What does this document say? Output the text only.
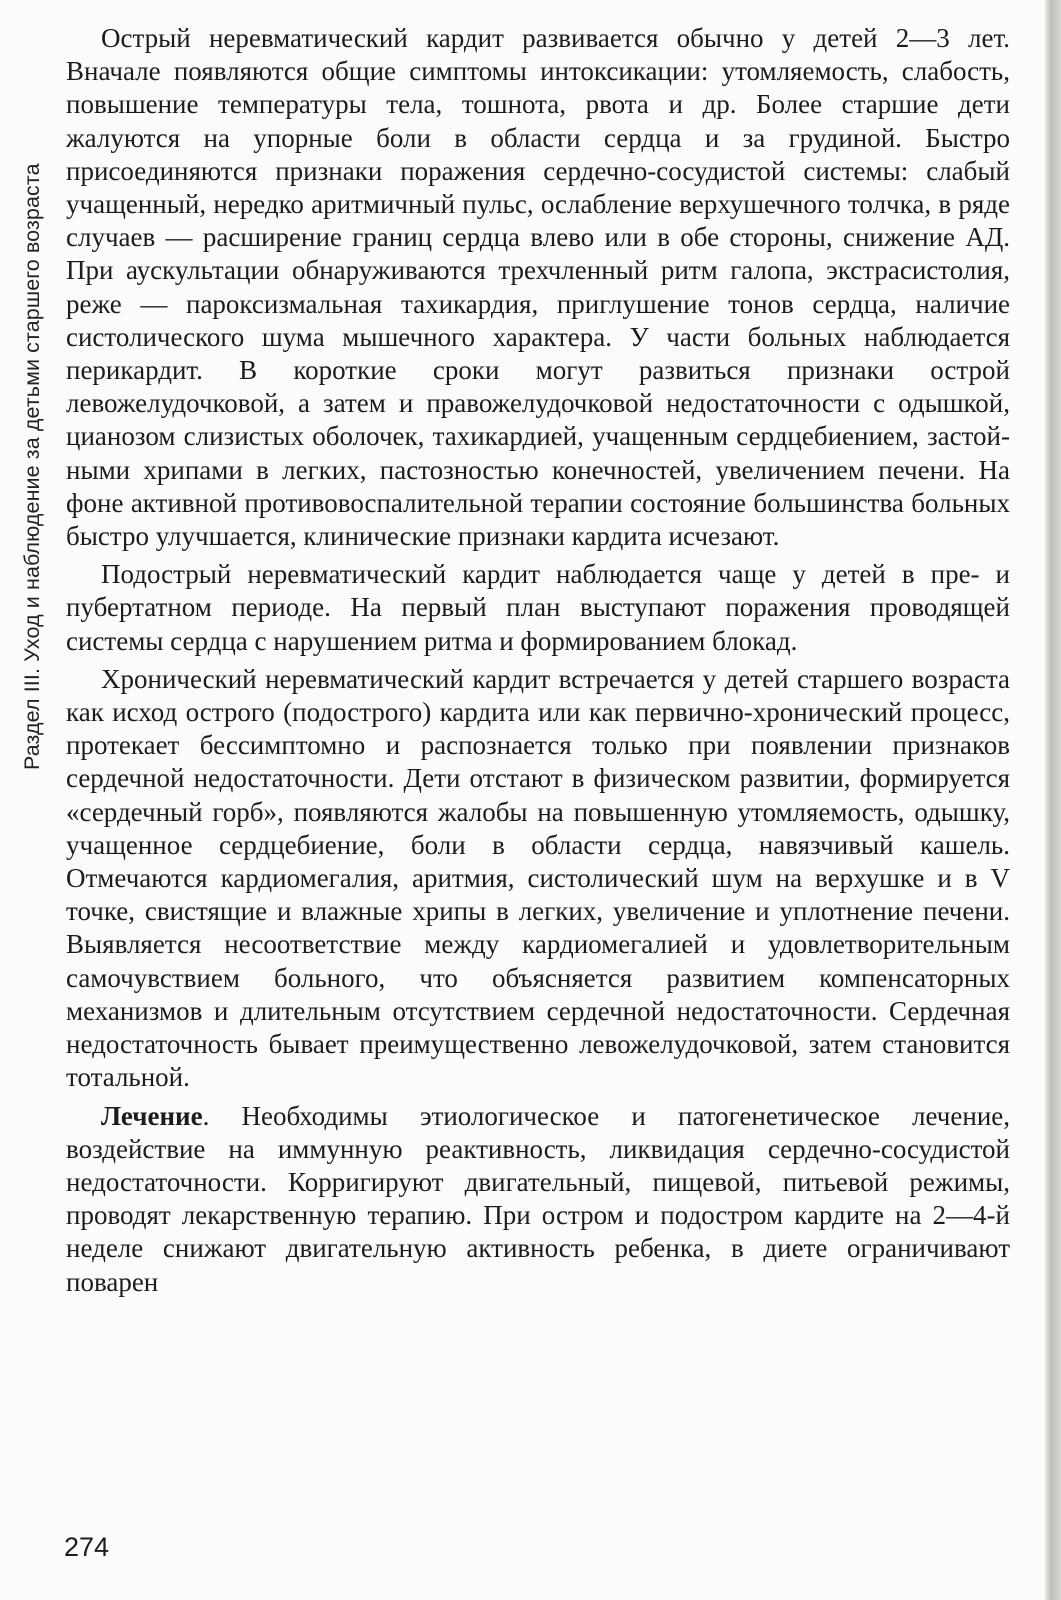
Раздел III. Уход и наблюдение за детьми старшего возраста

Острый неревматический кардит развивается обычно у детей 2—3 лет. Вначале появляются общие симптомы интоксикации: утомляемость, слабость, повышение температуры тела, тошнота, рвота и др. Более старшие дети жалуются на упорные боли в области сердца и за грудиной. Быстро присоединяются признаки поражения сердечно-сосудистой системы: слабый учащенный, нередко аритмичный пульс, ослабление верхушечного толчка, в ряде случаев — расширение границ сердца влево или в обе стороны, снижение АД. При аускультации обнаруживаются трехчленный ритм галопа, экстрасистолия, реже — пароксизмальная тахикардия, приглушение тонов сердца, наличие систолического шума мышечного характера. У части больных наблюдается перикардит. В короткие сроки могут развиться признаки острой левожелудочковой, а затем и правожелудочковой недостаточности с одышкой, цианозом слизистых оболочек, тахикардией, учащенным сердцебиением, застойными хрипами в легких, пастозностью конечностей, увеличением печени. На фоне активной противовоспалительной терапии состояние большинства больных быстро улучшается, клинические признаки кардита исчезают.

Подострый неревматический кардит наблюдается чаще у детей в пре- и пубертатном периоде. На первый план выступают поражения проводящей системы сердца с нарушением ритма и формированием блокад.

Хронический неревматический кардит встречается у детей старшего возраста как исход острого (подострого) кардита или как первично-хронический процесс, протекает бессимптомно и распознается только при появлении признаков сердечной недостаточности. Дети отстают в физическом развитии, формируется «сердечный горб», появляются жалобы на повышенную утомляемость, одышку, учащенное сердцебиение, боли в области сердца, навязчивый кашель. Отмечаются кардиомегалия, аритмия, систолический шум на верхушке и в V точке, свистящие и влажные хрипы в легких, увеличение и уплотнение печени. Выявляется несоответствие между кардиомегалией и удовлетворительным самочувствием больного, что объясняется развитием компенсаторных механизмов и длительным отсутствием сердечной недостаточности. Сердечная недостаточность бывает преимущественно левожелудочковой, затем становится тотальной.

Лечение. Необходимы этиологическое и патогенетическое лечение, воздействие на иммунную реактивность, ликвидация сердечно-сосудистой недостаточности. Корригируют двигательный, пищевой, питьевой режимы, проводят лекарственную терапию. При остром и подостром кардите на 2—4-й неделе снижают двигательную активность ребенка, в диете ограничивают поварен

274
